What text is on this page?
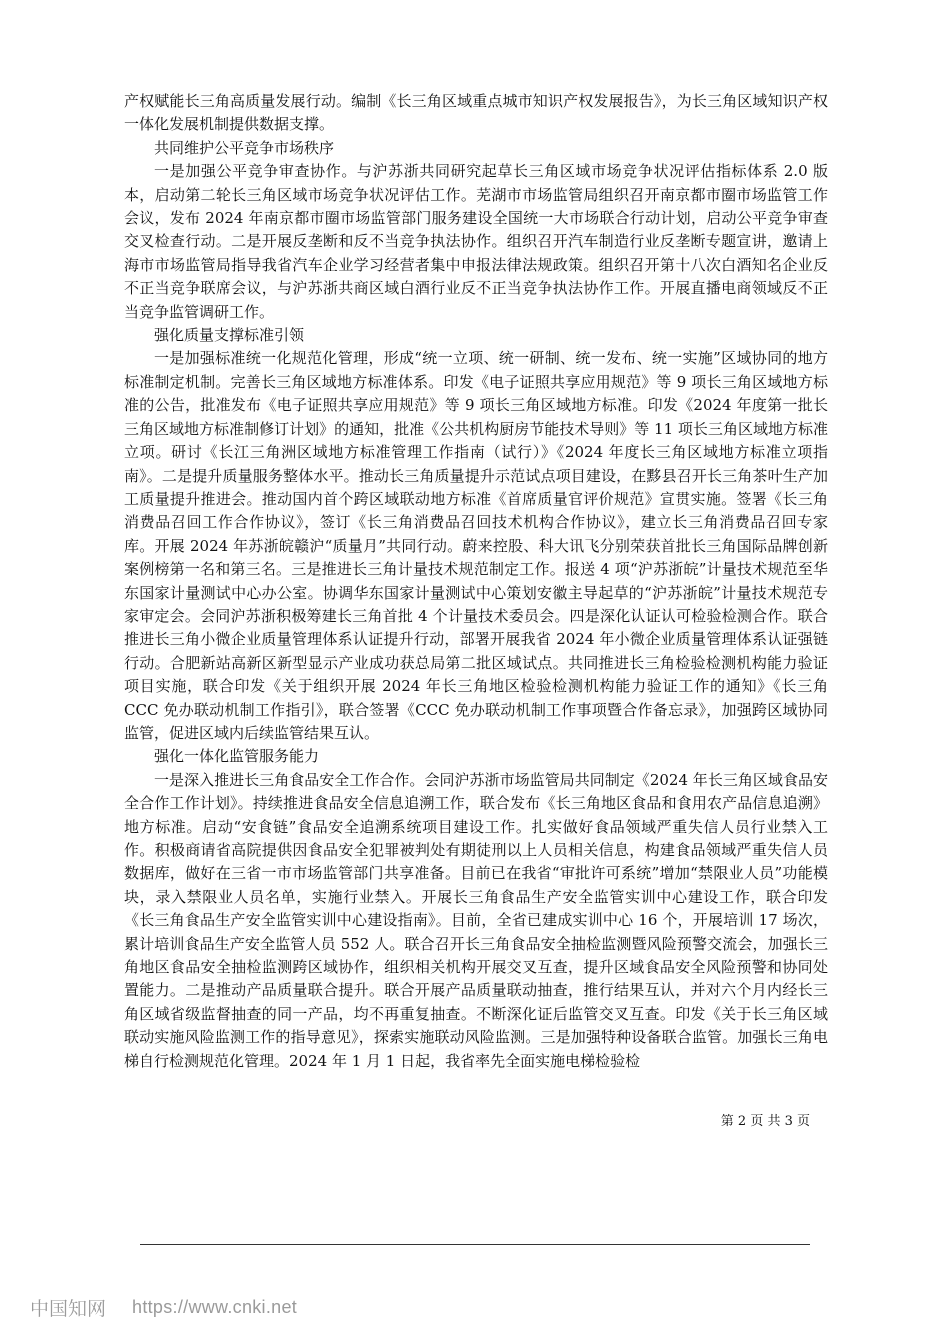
产权赋能长三角高质量发展行动。编制《长三角区域重点城市知识产权发展报告》，为长三角区域知识产权一体化发展机制提供数据支撑。

共同维护公平竞争市场秩序

一是加强公平竞争审查协作。与沪苏浙共同研究起草长三角区域市场竞争状况评估指标体系 2.0 版本，启动第二轮长三角区域市场竞争状况评估工作。芜湖市市场监管局组织召开南京都市圈市场监管工作会议，发布 2024 年南京都市圈市场监管部门服务建设全国统一大市场联合行动计划，启动公平竞争审查交叉检查行动。二是开展反垄断和反不当竞争执法协作。组织召开汽车制造行业反垄断专题宣讲，邀请上海市市场监管局指导我省汽车企业学习经营者集中申报法律法规政策。组织召开第十八次白酒知名企业反不正当竞争联席会议，与沪苏浙共商区域白酒行业反不正当竞争执法协作工作。开展直播电商领域反不正当竞争监管调研工作。

强化质量支撑标准引领

一是加强标准统一化规范化管理，形成“统一立项、统一研制、统一发布、统一实施”区域协同的地方标准制定机制。完善长三角区域地方标准体系。印发《电子证照共享应用规范》等 9 项长三角区域地方标准的公告，批准发布《电子证照共享应用规范》等 9 项长三角区域地方标准。印发《2024 年度第一批长三角区域地方标准制修订计划》的通知，批准《公共机构厨房节能技术导则》等 11 项长三角区域地方标准立项。研讨《长江三角洲区域地方标准管理工作指南（试行）》《2024 年度长三角区域地方标准立项指南》。二是提升质量服务整体水平。推动长三角质量提升示范试点项目建设，在黟县召开长三角茶叶生产加工质量提升推进会。推动国内首个跨区域联动地方标准《首席质量官评价规范》宣贯实施。签署《长三角消费品召回工作合作协议》，签订《长三角消费品召回技术机构合作协议》，建立长三角消费品召回专家库。开展 2024 年苏浙皖赣沪“质量月”共同行动。蔚来控股、科大讯飞分别荣获首批长三角国际品牌创新案例榜第一名和第三名。三是推进长三角计量技术规范制定工作。报送 4 项“沪苏浙皖”计量技术规范至华东国家计量测试中心办公室。协调华东国家计量测试中心策划安徽主导起草的“沪苏浙皖”计量技术规范专家审定会。会同沪苏浙积极筹建长三角首批 4 个计量技术委员会。四是深化认证认可检验检测合作。联合推进长三角小微企业质量管理体系认证提升行动，部署开展我省 2024 年小微企业质量管理体系认证强链行动。合肥新站高新区新型显示产业成功获总局第二批区域试点。共同推进长三角检验检测机构能力验证项目实施，联合印发《关于组织开展 2024 年长三角地区检验检测机构能力验证工作的通知》《长三角 CCC 免办联动机制工作指引》，联合签署《CCC 免办联动机制工作事项暨合作备忘录》，加强跨区域协同监管，促进区域内后续监管结果互认。

强化一体化监管服务能力

一是深入推进长三角食品安全工作合作。会同沪苏浙市场监管局共同制定《2024 年长三角区域食品安全合作工作计划》。持续推进食品安全信息追溯工作，联合发布《长三角地区食品和食用农产品信息追溯》地方标准。启动“安食链”食品安全追溯系统项目建设工作。扎实做好食品领域严重失信人员行业禁入工作。积极商请省高院提供因食品安全犯罪被判处有期徒刑以上人员相关信息，构建食品领域严重失信人员数据库，做好在三省一市市场监管部门共享准备。目前已在我省“审批许可系统”增加“禁限业人员”功能模块，录入禁限业人员名单，实施行业禁入。开展长三角食品生产安全监管实训中心建设工作，联合印发《长三角食品生产安全监管实训中心建设指南》。目前，全省已建成实训中心 16 个，开展培训 17 场次，累计培训食品生产安全监管人员 552 人。联合召开长三角食品安全抽检监测暨风险预警交流会，加强长三角地区食品安全抽检监测跨区域协作，组织相关机构开展交叉互查，提升区域食品安全风险预警和协同处置能力。二是推动产品质量联合提升。联合开展产品质量联动抽查，推行结果互认，并对六个月内经长三角区域省级监督抽查的同一产品，均不再重复抽查。不断深化证后监管交叉互查。印发《关于长三角区域联动实施风险监测工作的指导意见》，探索实施联动风险监测。三是加强特种设备联合监管。加强长三角电梯自行检测规范化管理。2024 年 1 月 1 日起，我省率先全面实施电梯检验检

第 2 页 共 3 页
中国知网 https://www.cnki.net
